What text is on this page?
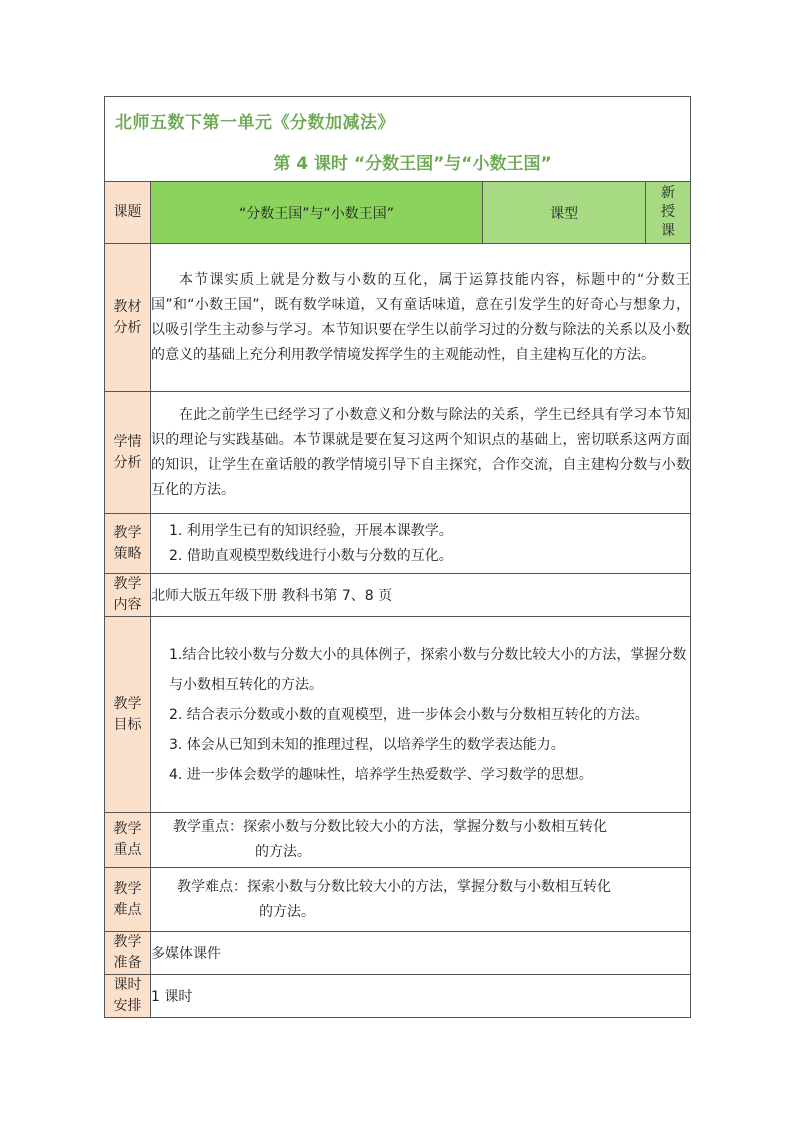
北师五数下第一单元《分数加减法》
第 4 课时 “分数王国”与“小数王国”			

课题	“分数王国”与“小数王国”	课型	新授课

教材分析	本节课实质上就是分数与小数的互化，属于运算技能内容，标题中的“分数王国”和“小数王国”，既有数学味道，又有童话味道，意在引发学生的好奇心与想象力，以吸引学生主动参与学习。本节知识要在学生以前学习过的分数与除法的关系以及小数的意义的基础上充分利用教学情境发挥学生的主观能动性，自主建构互化的方法。		

学情分析	在此之前学生已经学习了小数意义和分数与除法的关系，学生已经具有学习本节知识的理论与实践基础。本节课就是要在复习这两个知识点的基础上，密切联系这两方面的知识，让学生在童话般的教学情境引导下自主探究，合作交流，自主建构分数与小数互化的方法。		

教学策略	1. 利用学生已有的知识经验，开展本课教学。

2. 借助直观模型数线进行小数与分数的互化。		

教学内容	北师大版五年级下册 教科书第 7、8 页		

教学目标	1.结合比较小数与分数大小的具体例子，探索小数与分数比较大小的方法，掌握分数与小数相互转化的方法。

2. 结合表示分数或小数的直观模型，进一步体会小数与分数相互转化的方法。

3. 体会从已知到未知的推理过程，以培养学生的数学表达能力。

4. 进一步体会数学的趣味性，培养学生热爱数学、学习数学的思想。		

教学重点	教学重点：探索小数与分数比较大小的方法，掌握分数与小数相互转化

的方法。		

教学难点	教学难点：探索小数与分数比较大小的方法，掌握分数与小数相互转化

的方法。		

教学准备	多媒体课件		

课时安排	1 课时		
